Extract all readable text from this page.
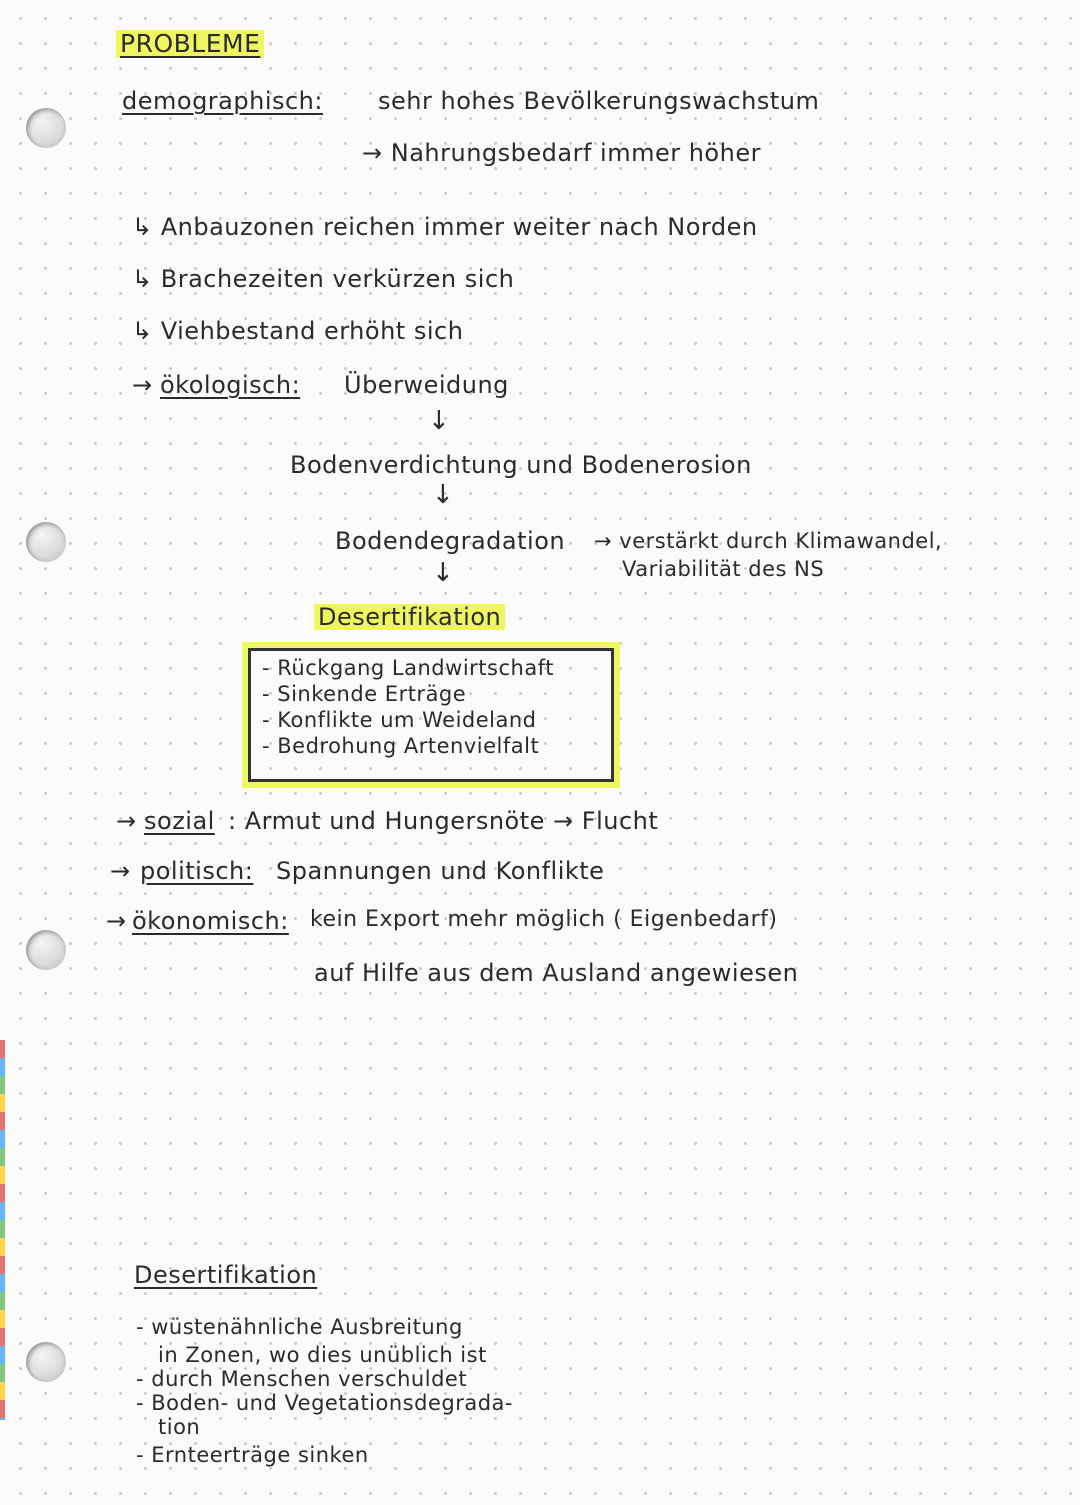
PROBLEME
demographisch: sehr hohes Bevölkerungswachstum
→ Nahrungsbedarf immer höher
↳ Anbauzonen reichen immer weiter nach Norden
↳ Brachezeiten verkürzen sich
↳ Viehbestand erhöht sich
→ ökologisch: Überweidung
↓
Bodenverdichtung und Bodenerosion
↓
Bodendegradation → verstärkt durch Klimawandel,
Variabilität des NS
↓
Desertifikation
- Rückgang Landwirtschaft
- Sinkende Erträge
- Konflikte um Weideland
- Bedrohung Artenvielfalt
→ sozial : Armut und Hungersnöte → Flucht
→ politisch: Spannungen und Konflikte
→ ökonomisch: kein Export mehr möglich ( Eigenbedarf)
auf Hilfe aus dem Ausland angewiesen
Desertifikation
- wüstenähnliche Ausbreitung
in Zonen, wo dies unüblich ist
- durch Menschen verschuldet
- Boden- und Vegetationsdegrada-
tion
- Ernteerträge sinken
